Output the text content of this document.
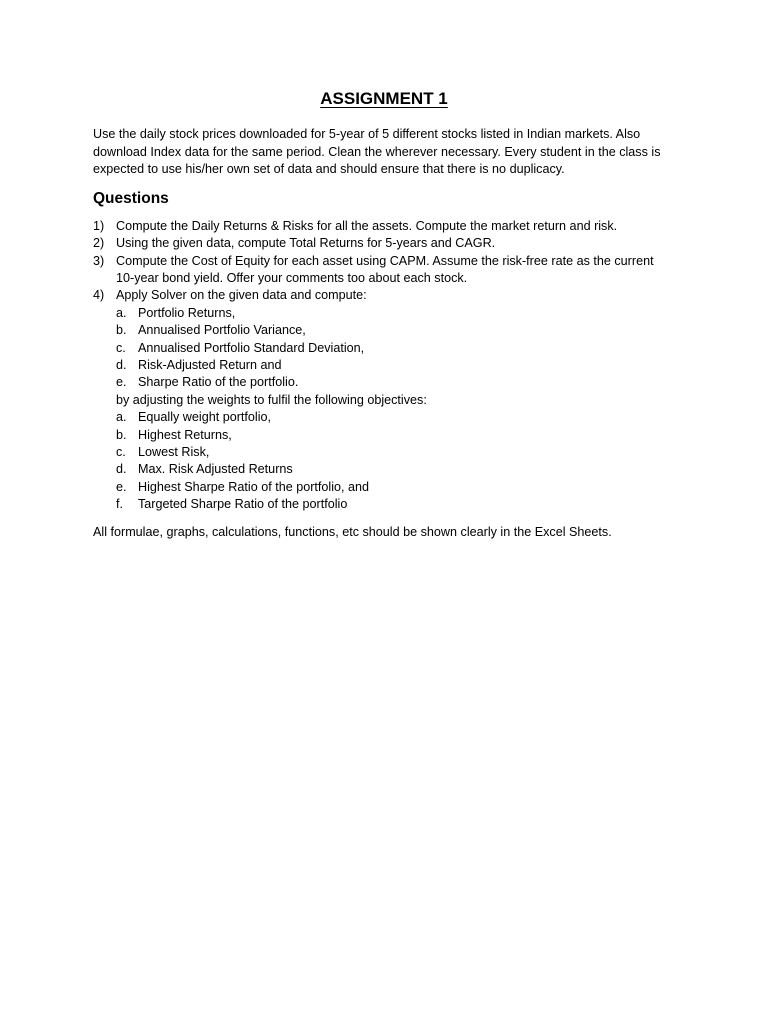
ASSIGNMENT 1

Use the daily stock prices downloaded for 5-year of 5 different stocks listed in Indian markets. Also download Index data for the same period. Clean the wherever necessary. Every student in the class is expected to use his/her own set of data and should ensure that there is no duplicacy.

Questions
1) Compute the Daily Returns & Risks for all the assets. Compute the market return and risk.
2) Using the given data, compute Total Returns for 5-years and CAGR.
3) Compute the Cost of Equity for each asset using CAPM. Assume the risk-free rate as the current 10-year bond yield. Offer your comments too about each stock.
4) Apply Solver on the given data and compute:
a. Portfolio Returns,
b. Annualised Portfolio Variance,
c. Annualised Portfolio Standard Deviation,
d. Risk-Adjusted Return and
e. Sharpe Ratio of the portfolio.
by adjusting the weights to fulfil the following objectives:
a. Equally weight portfolio,
b. Highest Returns,
c. Lowest Risk,
d. Max. Risk Adjusted Returns
e. Highest Sharpe Ratio of the portfolio, and
f.	Targeted Sharpe Ratio of the portfolio

All formulae, graphs, calculations, functions, etc should be shown clearly in the Excel Sheets.
